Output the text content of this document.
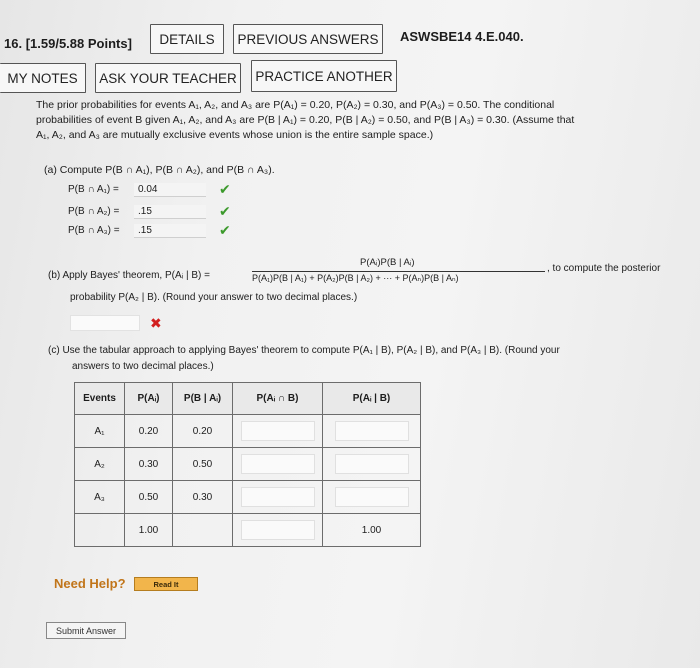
16. [1.59/5.88 Points]	DETAILS	PREVIOUS ANSWERS	ASWSBE14 4.E.040.
MY NOTES	ASK YOUR TEACHER	PRACTICE ANOTHER
The prior probabilities for events A₁, A₂, and A₃ are P(A₁) = 0.20, P(A₂) = 0.30, and P(A₃) = 0.50. The conditional
probabilities of event B given A₁, A₂, and A₃ are P(B | A₁) = 0.20, P(B | A₂) = 0.50, and P(B | A₃) = 0.30. (Assume that
A₁, A₂, and A₃ are mutually exclusive events whose union is the entire sample space.)
(a) Compute P(B ∩ A₁), P(B ∩ A₂), and P(B ∩ A₃).
P(B ∩ A₁) =	0.04	✔
P(B ∩ A₂) =	.15	✔
P(B ∩ A₃) =	.15	✔
(b) Apply Bayes' theorem, P(Aᵢ | B) =
P(Aᵢ)P(B | Aᵢ)
P(A₁)P(B | A₁) + P(A₂)P(B | A₂) + ··· + P(Aₙ)P(B | Aₙ)
, to compute the posterior
probability P(A₂ | B). (Round your answer to two decimal places.)
✖
(c) Use the tabular approach to applying Bayes' theorem to compute P(A₁ | B), P(A₂ | B), and P(A₃ | B). (Round your
answers to two decimal places.)
Events	P(Aᵢ)	P(B | Aᵢ)	P(Aᵢ ∩ B)	P(Aᵢ | B)
A₁	0.20	0.20		
A₂	0.30	0.50		
A₃	0.50	0.30		
	1.00			1.00
Need Help?	Read It
Submit Answer
